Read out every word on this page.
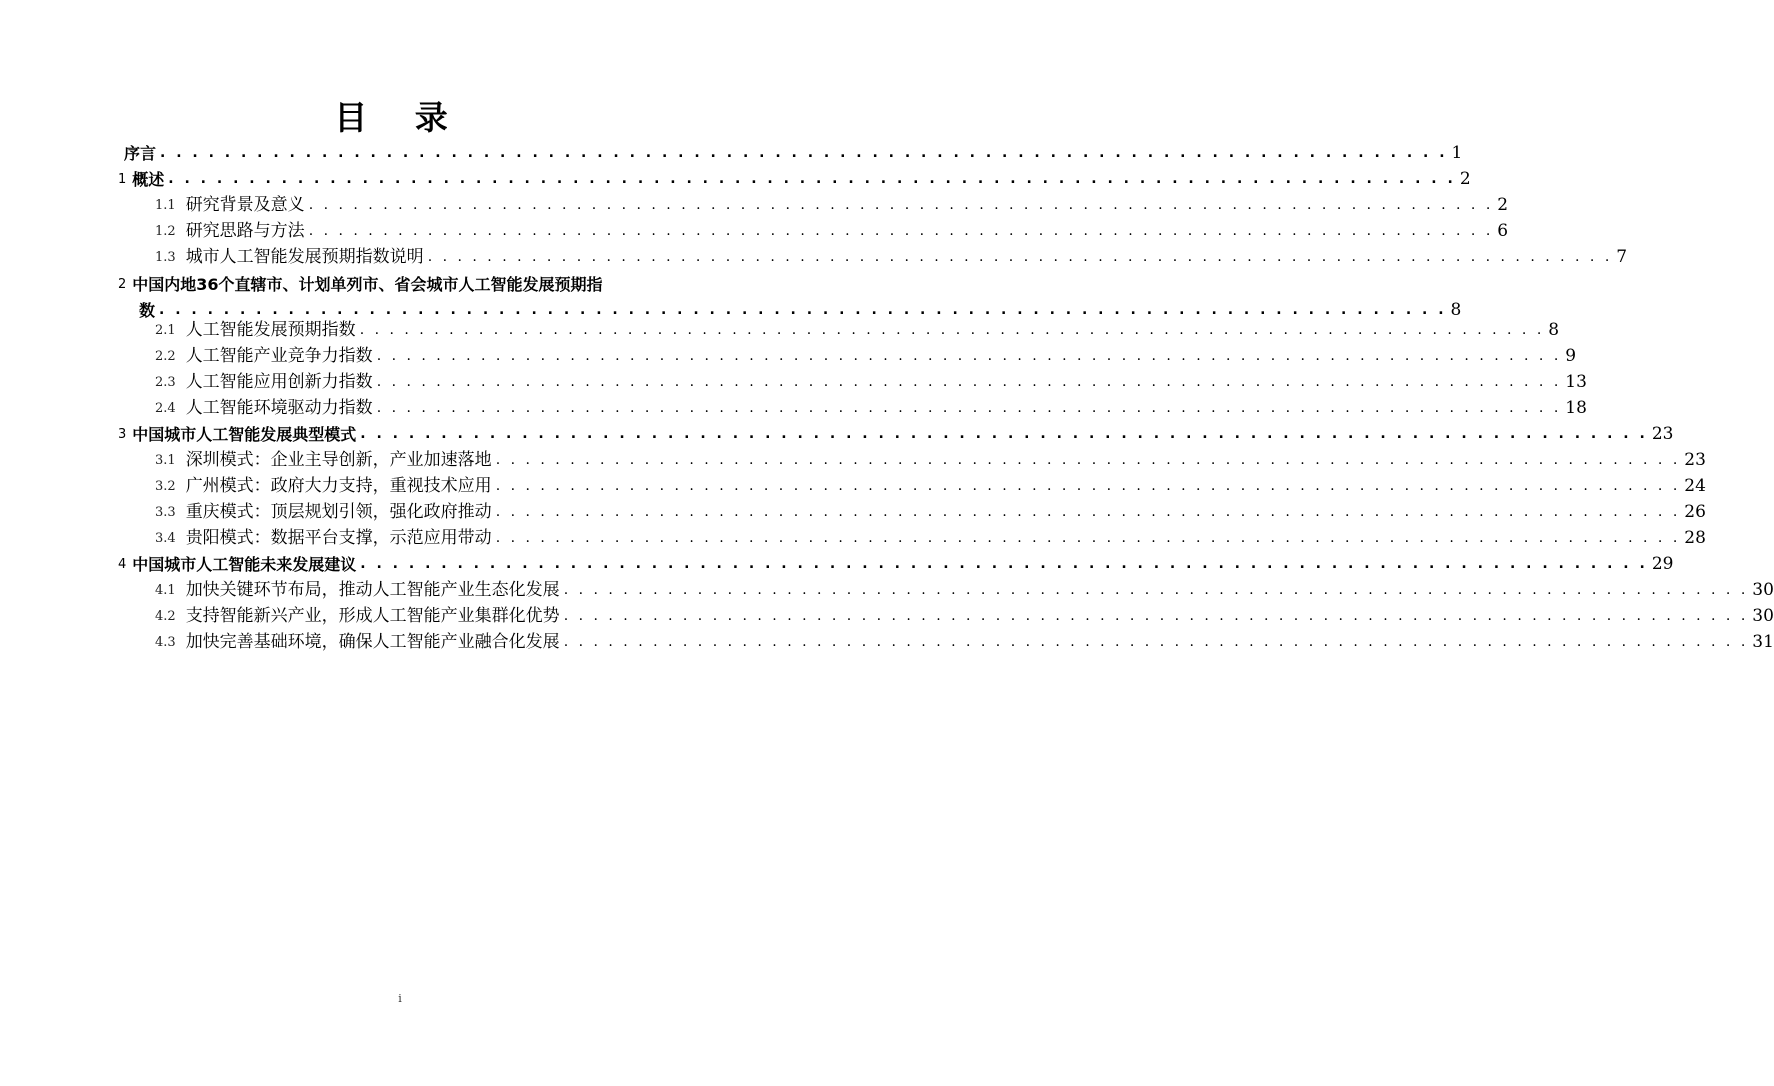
目 录
序言 . . . . . . . . . . . . . . . . . . . . . . . . . . . . . . . . . . . . . . . . . . . . . . . . . . . . . . . . . . . . . . . . . . . . . . . . . . . . . . . . 1
1 概述 . . . . . . . . . . . . . . . . . . . . . . . . . . . . . . . . . . . . . . . . . . . . . . . . . . . . . . . . . . . . . . . . . . . . . . . . . . . . . . . . 2
1.1 研究背景及意义 . . . . . . . . . . . . . . . . . . . . . . . . . . . . . . . . . . . . . . . . . . . . . . . . . . . . . . . . . . . . . . . . . . . . . . . . . . . . . . . . 2
1.2 研究思路与方法 . . . . . . . . . . . . . . . . . . . . . . . . . . . . . . . . . . . . . . . . . . . . . . . . . . . . . . . . . . . . . . . . . . . . . . . . . . . . . . . . 6
1.3 城市人工智能发展预期指数说明 . . . . . . . . . . . . . . . . . . . . . . . . . . . . . . . . . . . . . . . . . . . . . . . . . . . . . . . . . . . . . . . . . . . . . . . . . . . . . . . . 7
2 中国内地36个直辖市、计划单列市、省会城市人工智能发展预期指
数 . . . . . . . . . . . . . . . . . . . . . . . . . . . . . . . . . . . . . . . . . . . . . . . . . . . . . . . . . . . . . . . . . . . . . . . . . . . . . . . . 8
2.1 人工智能发展预期指数 . . . . . . . . . . . . . . . . . . . . . . . . . . . . . . . . . . . . . . . . . . . . . . . . . . . . . . . . . . . . . . . . . . . . . . . . . . . . . . . . 8
2.2 人工智能产业竞争力指数 . . . . . . . . . . . . . . . . . . . . . . . . . . . . . . . . . . . . . . . . . . . . . . . . . . . . . . . . . . . . . . . . . . . . . . . . . . . . . . . . 9
2.3 人工智能应用创新力指数 . . . . . . . . . . . . . . . . . . . . . . . . . . . . . . . . . . . . . . . . . . . . . . . . . . . . . . . . . . . . . . . . . . . . . . . . . . . . . . . . 13
2.4 人工智能环境驱动力指数 . . . . . . . . . . . . . . . . . . . . . . . . . . . . . . . . . . . . . . . . . . . . . . . . . . . . . . . . . . . . . . . . . . . . . . . . . . . . . . . . 18
3 中国城市人工智能发展典型模式 . . . . . . . . . . . . . . . . . . . . . . . . . . . . . . . . . . . . . . . . . . . . . . . . . . . . . . . . . . . . . . . . . . . . . . . . . . . . . . . . 23
3.1 深圳模式：企业主导创新，产业加速落地 . . . . . . . . . . . . . . . . . . . . . . . . . . . . . . . . . . . . . . . . . . . . . . . . . . . . . . . . . . . . . . . . . . . . . . . . . . . . . . . . 23
3.2 广州模式：政府大力支持，重视技术应用 . . . . . . . . . . . . . . . . . . . . . . . . . . . . . . . . . . . . . . . . . . . . . . . . . . . . . . . . . . . . . . . . . . . . . . . . . . . . . . . . 24
3.3 重庆模式：顶层规划引领，强化政府推动 . . . . . . . . . . . . . . . . . . . . . . . . . . . . . . . . . . . . . . . . . . . . . . . . . . . . . . . . . . . . . . . . . . . . . . . . . . . . . . . . 26
3.4 贵阳模式：数据平台支撑，示范应用带动 . . . . . . . . . . . . . . . . . . . . . . . . . . . . . . . . . . . . . . . . . . . . . . . . . . . . . . . . . . . . . . . . . . . . . . . . . . . . . . . . 28
4 中国城市人工智能未来发展建议 . . . . . . . . . . . . . . . . . . . . . . . . . . . . . . . . . . . . . . . . . . . . . . . . . . . . . . . . . . . . . . . . . . . . . . . . . . . . . . . . 29
4.1 加快关键环节布局，推动人工智能产业生态化发展 . . . . . . . . . . . . . . . . . . . . . . . . . . . . . . . . . . . . . . . . . . . . . . . . . . . . . . . . . . . . . . . . . . . . . . . . . . . . . . . . 30
4.2 支持智能新兴产业，形成人工智能产业集群化优势 . . . . . . . . . . . . . . . . . . . . . . . . . . . . . . . . . . . . . . . . . . . . . . . . . . . . . . . . . . . . . . . . . . . . . . . . . . . . . . . . 30
4.3 加快完善基础环境，确保人工智能产业融合化发展 . . . . . . . . . . . . . . . . . . . . . . . . . . . . . . . . . . . . . . . . . . . . . . . . . . . . . . . . . . . . . . . . . . . . . . . . . . . . . . . . 31
i
